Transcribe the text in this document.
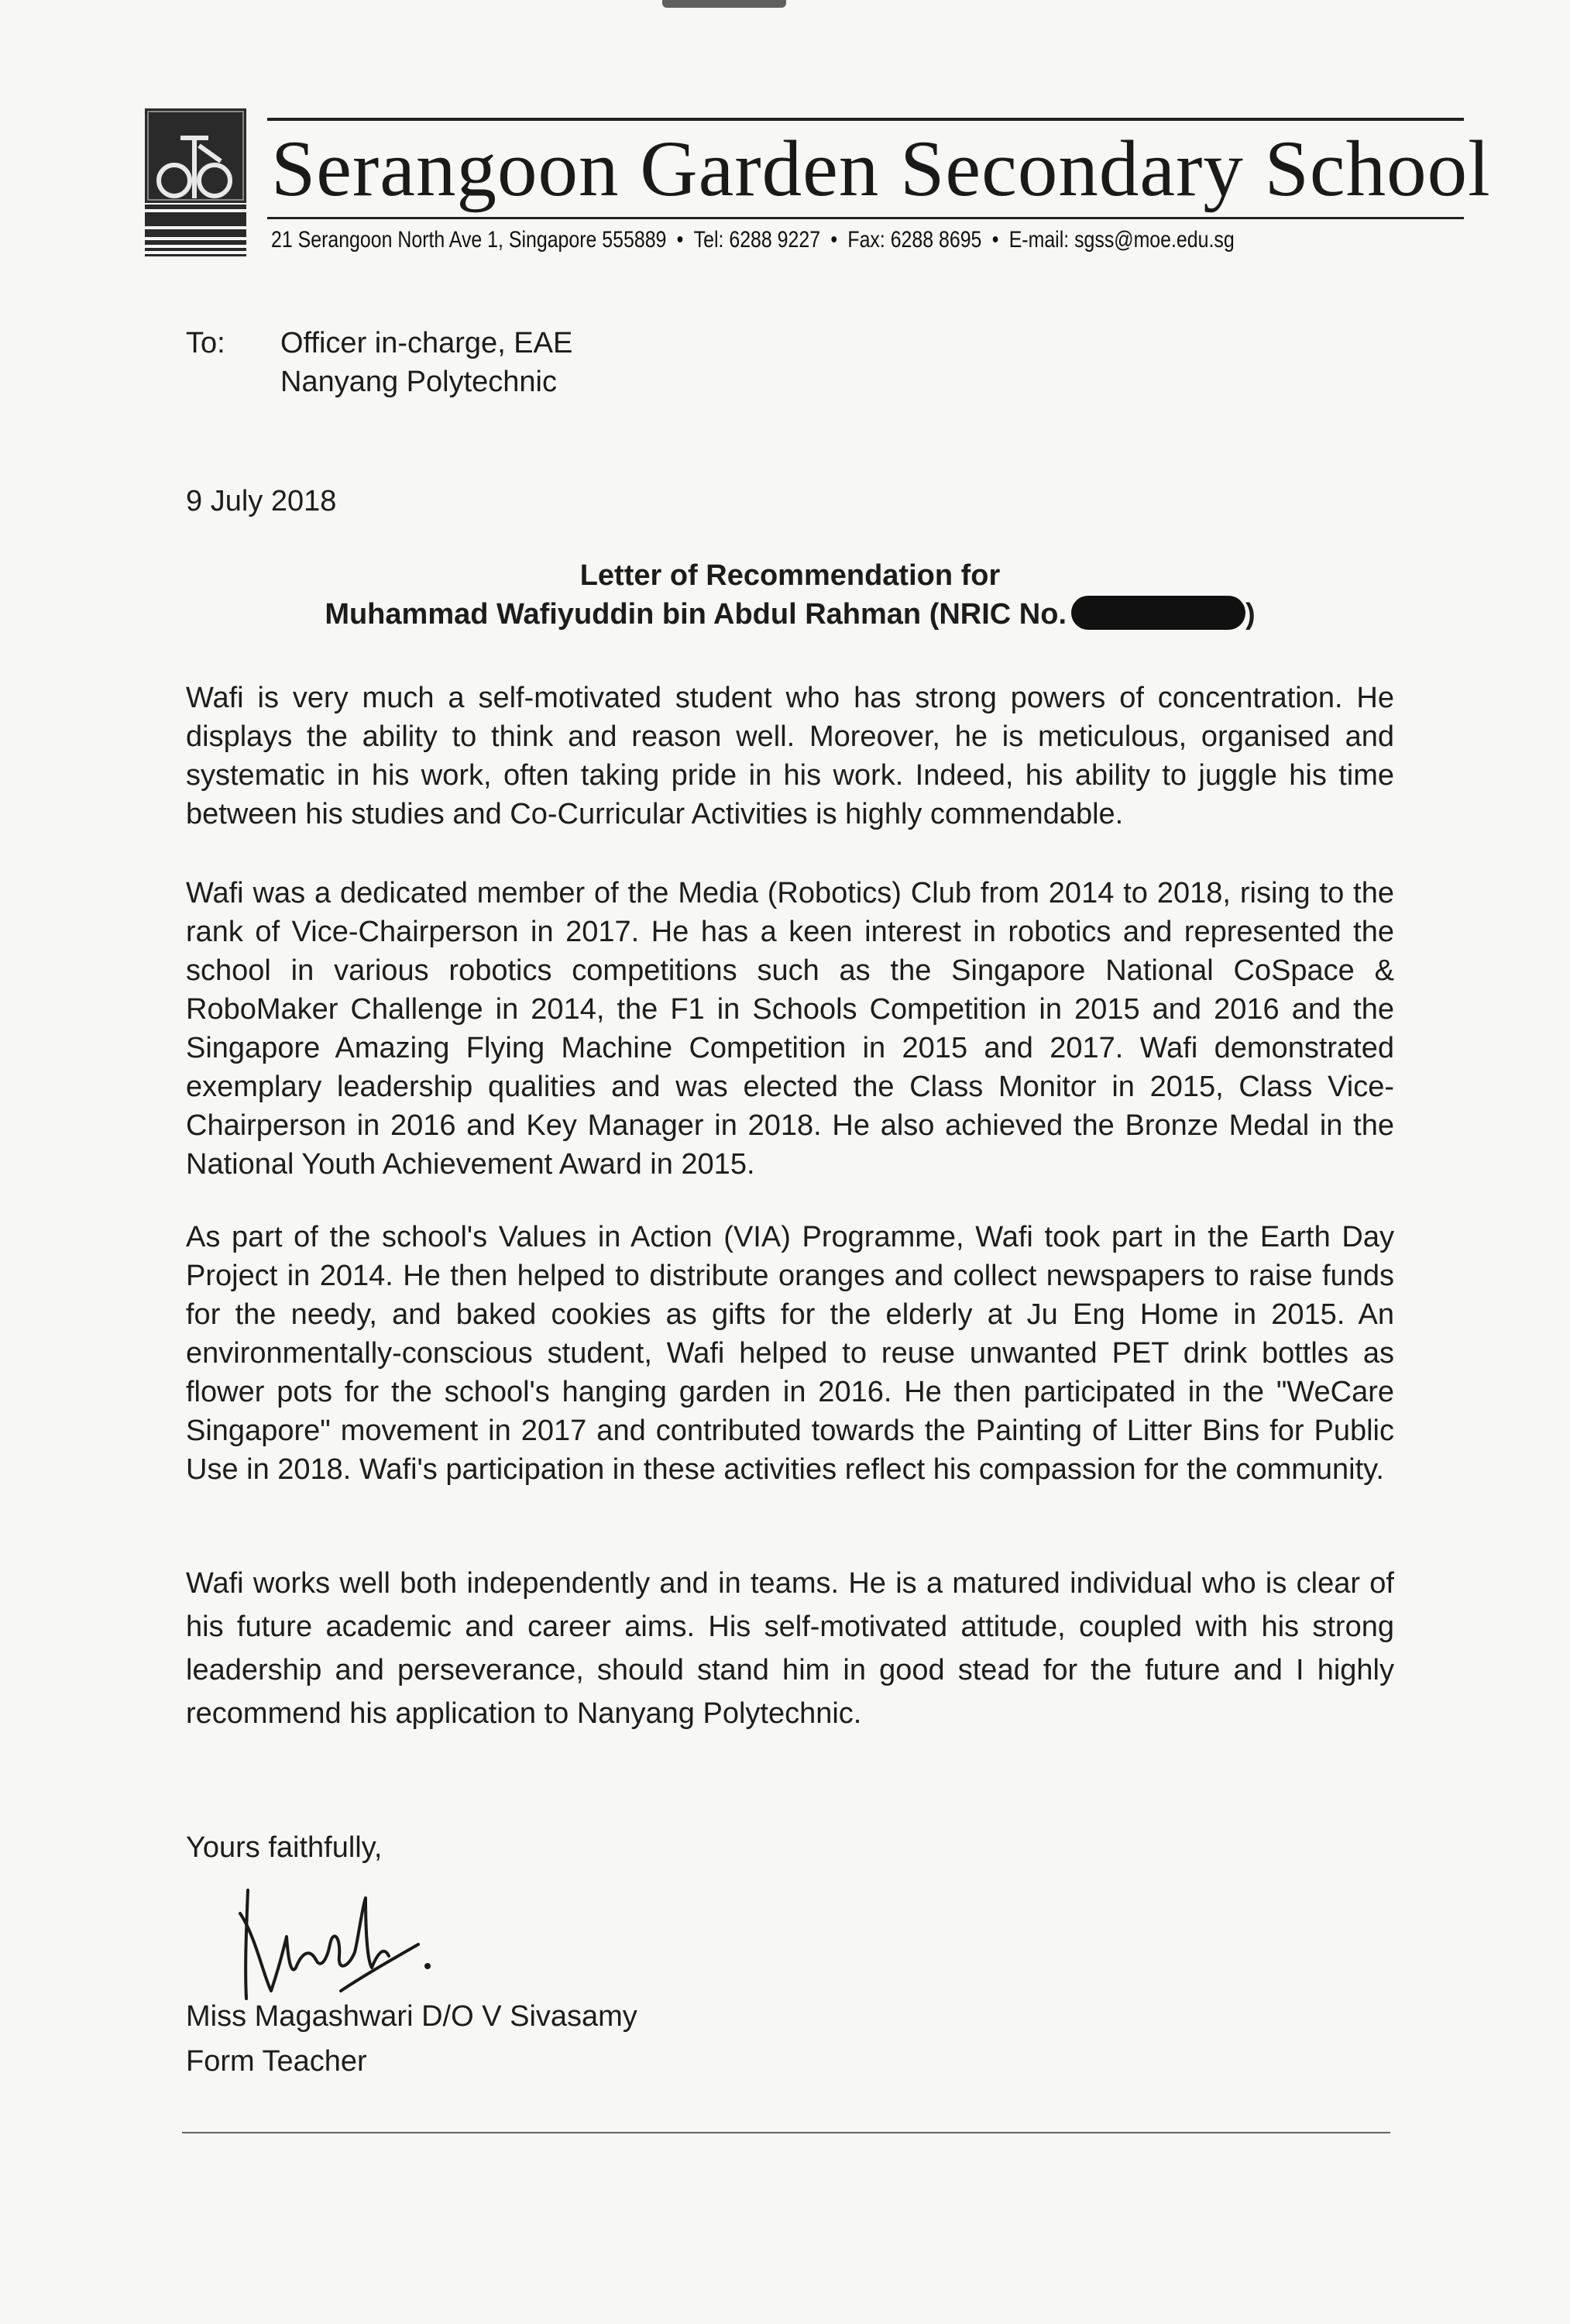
Serangoon Garden Secondary School
21 Serangoon North Ave 1, Singapore 555889 • Tel: 6288 9227 • Fax: 6288 8695 • E-mail: sgss@moe.edu.sg
To: Officer in-charge, EAE
Nanyang Polytechnic
9 July 2018
Letter of Recommendation for
Muhammad Wafiyuddin bin Abdul Rahman (NRIC No.	)
Wafi is very much a self-motivated student who has strong powers of concentration. He displays the ability to think and reason well. Moreover, he is meticulous, organised and systematic in his work, often taking pride in his work. Indeed, his ability to juggle his time between his studies and Co-Curricular Activities is highly commendable.
Wafi was a dedicated member of the Media (Robotics) Club from 2014 to 2018, rising to the rank of Vice-Chairperson in 2017. He has a keen interest in robotics and represented the school in various robotics competitions such as the Singapore National CoSpace & RoboMaker Challenge in 2014, the F1 in Schools Competition in 2015 and 2016 and the Singapore Amazing Flying Machine Competition in 2015 and 2017. Wafi demonstrated exemplary leadership qualities and was elected the Class Monitor in 2015, Class Vice-Chairperson in 2016 and Key Manager in 2018. He also achieved the Bronze Medal in the National Youth Achievement Award in 2015.
As part of the school's Values in Action (VIA) Programme, Wafi took part in the Earth Day Project in 2014. He then helped to distribute oranges and collect newspapers to raise funds for the needy, and baked cookies as gifts for the elderly at Ju Eng Home in 2015. An environmentally-conscious student, Wafi helped to reuse unwanted PET drink bottles as flower pots for the school's hanging garden in 2016. He then participated in the "WeCare Singapore" movement in 2017 and contributed towards the Painting of Litter Bins for Public Use in 2018. Wafi's participation in these activities reflect his compassion for the community.
Wafi works well both independently and in teams. He is a matured individual who is clear of his future academic and career aims. His self-motivated attitude, coupled with his strong leadership and perseverance, should stand him in good stead for the future and I highly recommend his application to Nanyang Polytechnic.
Yours faithfully,
Miss Magashwari D/O V Sivasamy
Form Teacher
